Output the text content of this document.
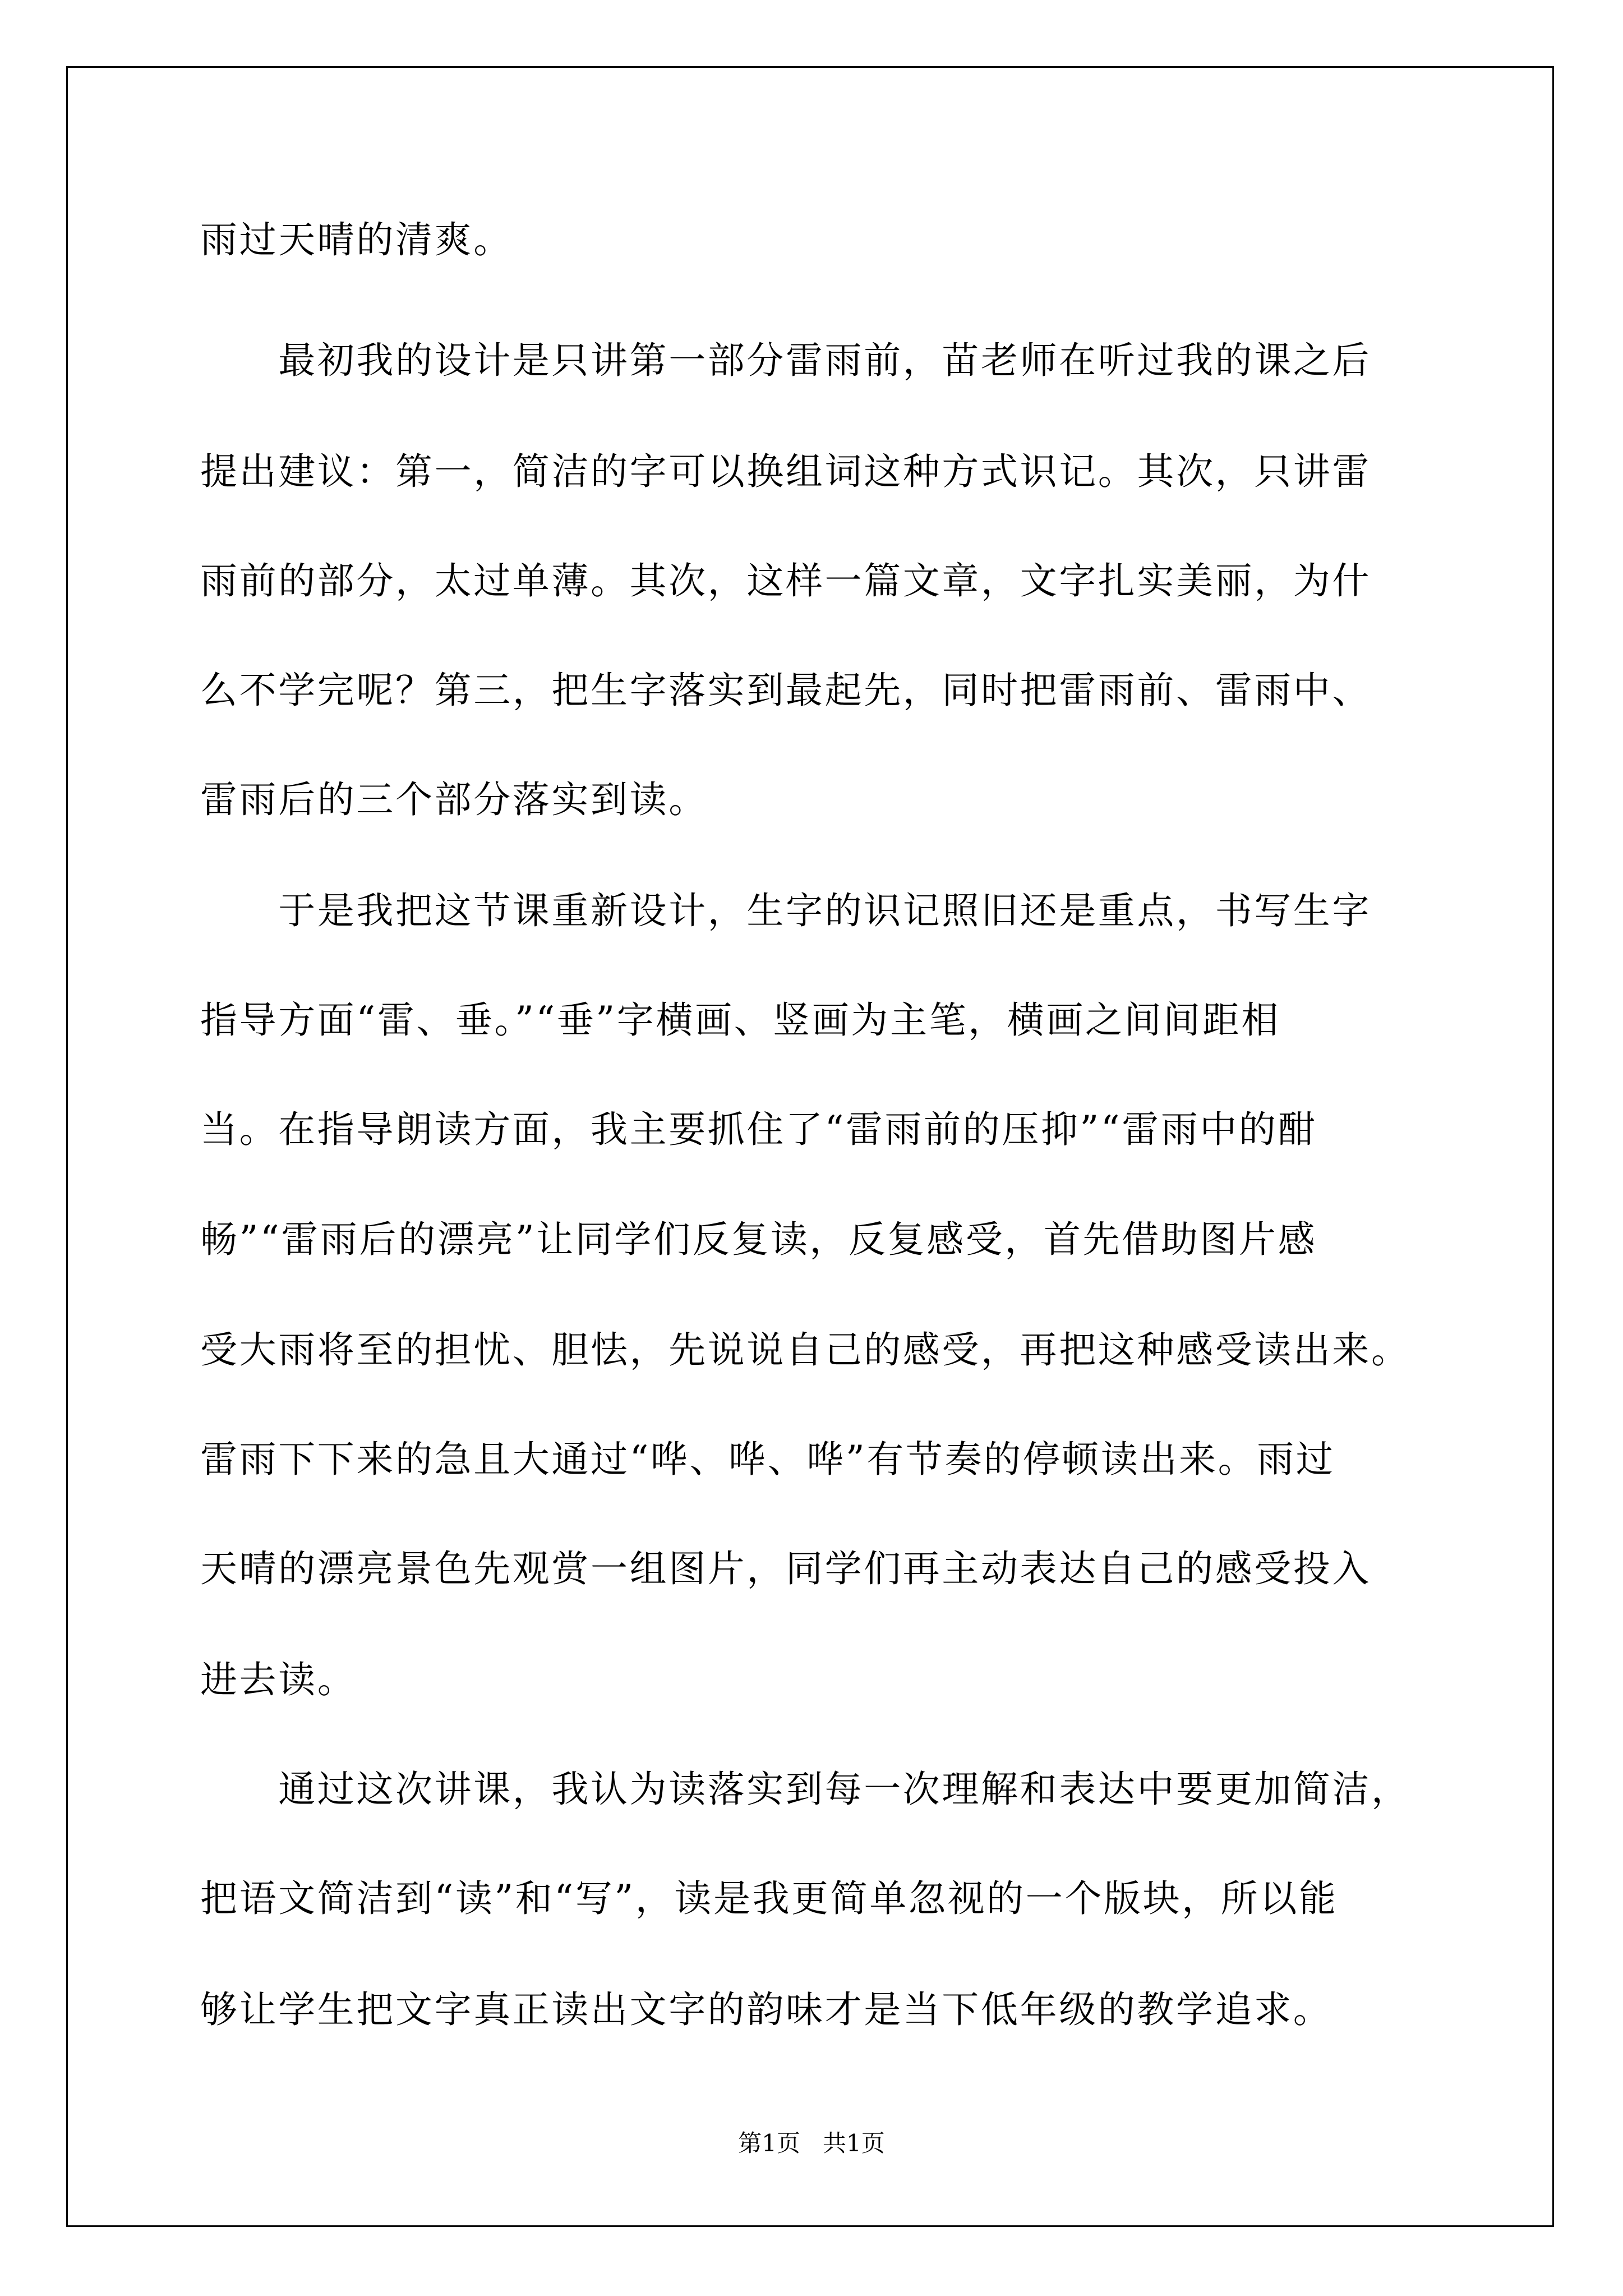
雨过天晴的清爽。
　　最初我的设计是只讲第一部分雷雨前，苗老师在听过我的课之后
提出建议：第一，简洁的字可以换组词这种方式识记。其次，只讲雷
雨前的部分，太过单薄。其次，这样一篇文章，文字扎实美丽，为什
么不学完呢？第三，把生字落实到最起先，同时把雷雨前、雷雨中、
雷雨后的三个部分落实到读。
　　于是我把这节课重新设计，生字的识记照旧还是重点，书写生字
指导方面“雷、垂。”“垂”字横画、竖画为主笔，横画之间间距相
当。在指导朗读方面，我主要抓住了“雷雨前的压抑”“雷雨中的酣
畅”“雷雨后的漂亮”让同学们反复读，反复感受，首先借助图片感
受大雨将至的担忧、胆怯，先说说自己的感受，再把这种感受读出来。
雷雨下下来的急且大通过“哗、哗、哗”有节奏的停顿读出来。雨过
天晴的漂亮景色先观赏一组图片，同学们再主动表达自己的感受投入
进去读。
　　通过这次讲课，我认为读落实到每一次理解和表达中要更加简洁，
把语文简洁到“读”和“写”，读是我更简单忽视的一个版块，所以能
够让学生把文字真正读出文字的韵味才是当下低年级的教学追求。
第1页   共1页
